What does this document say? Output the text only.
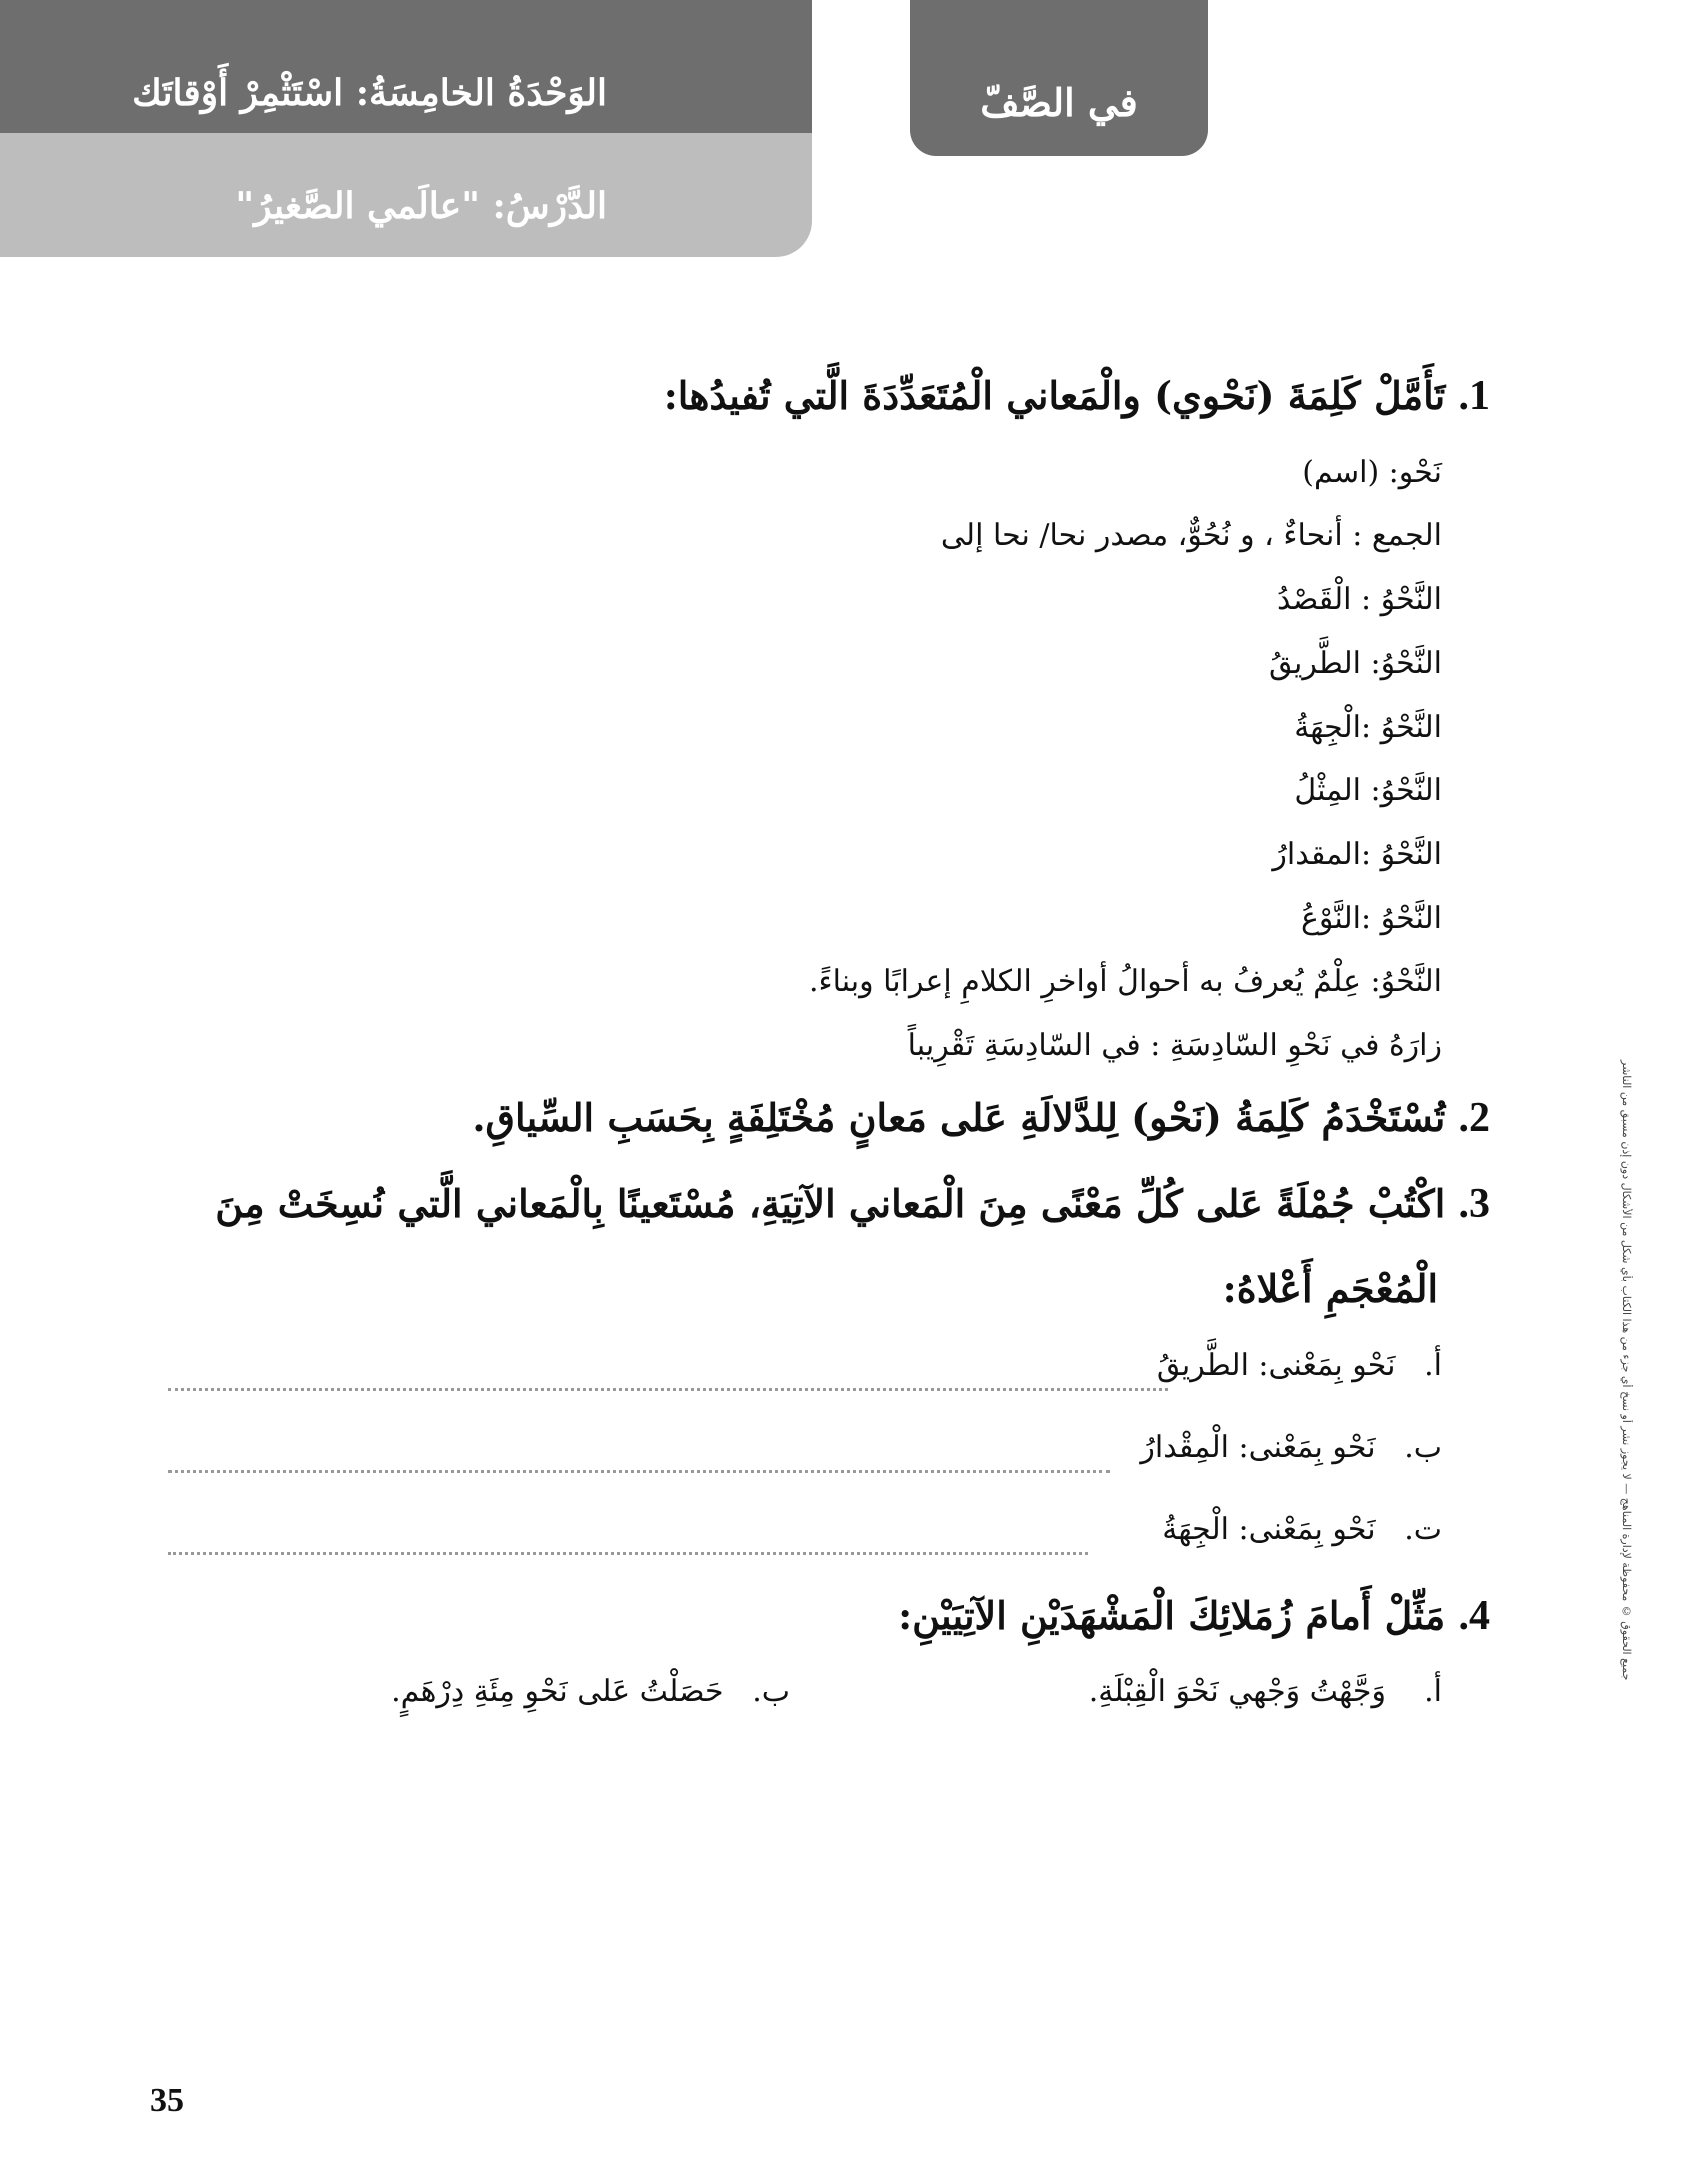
الوَحْدَةُ الخامِسَةُ: اسْتَثْمِرْ أَوْقاتَك
الدَّرْسُ: "عالَمي الصَّغيرُ"
في الصَّفّ
جميع الحقوق © محفوظة لإدارة المناهج — لا يجوز نشر أو نسخ أي جزء من هذا الكتاب بأي شكل من الأشكال دون إذن مسبق من الناشر
1. تَأَمَّلْ كَلِمَةَ (نَحْوي) والْمَعاني الْمُتَعَدِّدَةَ الَّتي تُفيدُها:
نَحْو: (اسم)
الجمع : أنحاءٌ ، و نُحُوٌّ، مصدر نحا/ نحا إلى
النَّحْوُ : الْقَصْدُ
النَّحْوُ: الطَّريقُ
النَّحْوُ :الْجِهَةُ
النَّحْوُ: المِثْلُ
النَّحْوُ :المقدارُ
النَّحْوُ :النَّوْعُ
النَّحْوُ: عِلْمٌ يُعرفُ به أحوالُ أواخرِ الكلامِ إعرابًا وبناءً.
زارَهُ في نَحْوِ السّادِسَةِ : في السّادِسَةِ تَقْرِيباً
2. تُسْتَخْدَمُ كَلِمَةُ (نَحْو) لِلدَّلالَةِ عَلى مَعانٍ مُخْتَلِفَةٍ بِحَسَبِ السِّياقِ.
3. اكْتُبْ جُمْلَةً عَلى كُلِّ مَعْنًى مِنَ الْمَعاني الآتِيَةِ، مُسْتَعينًا بِالْمَعاني الَّتي نُسِخَتْ مِنَ
الْمُعْجَمِ أَعْلاهُ:
أ.   نَحْو بِمَعْنى: الطَّريقُ
ب.   نَحْو بِمَعْنى: الْمِقْدارُ
ت.   نَحْو بِمَعْنى: الْجِهَةُ
4. مَثِّلْ أَمامَ زُمَلائِكَ الْمَشْهَدَيْنِ الآتِيَيْنِ:
أ.    وَجَّهْتُ وَجْهي نَحْوَ الْقِبْلَةِ.
ب.   حَصَلْتُ عَلى نَحْوِ مِئَةِ دِرْهَمٍ.
35
